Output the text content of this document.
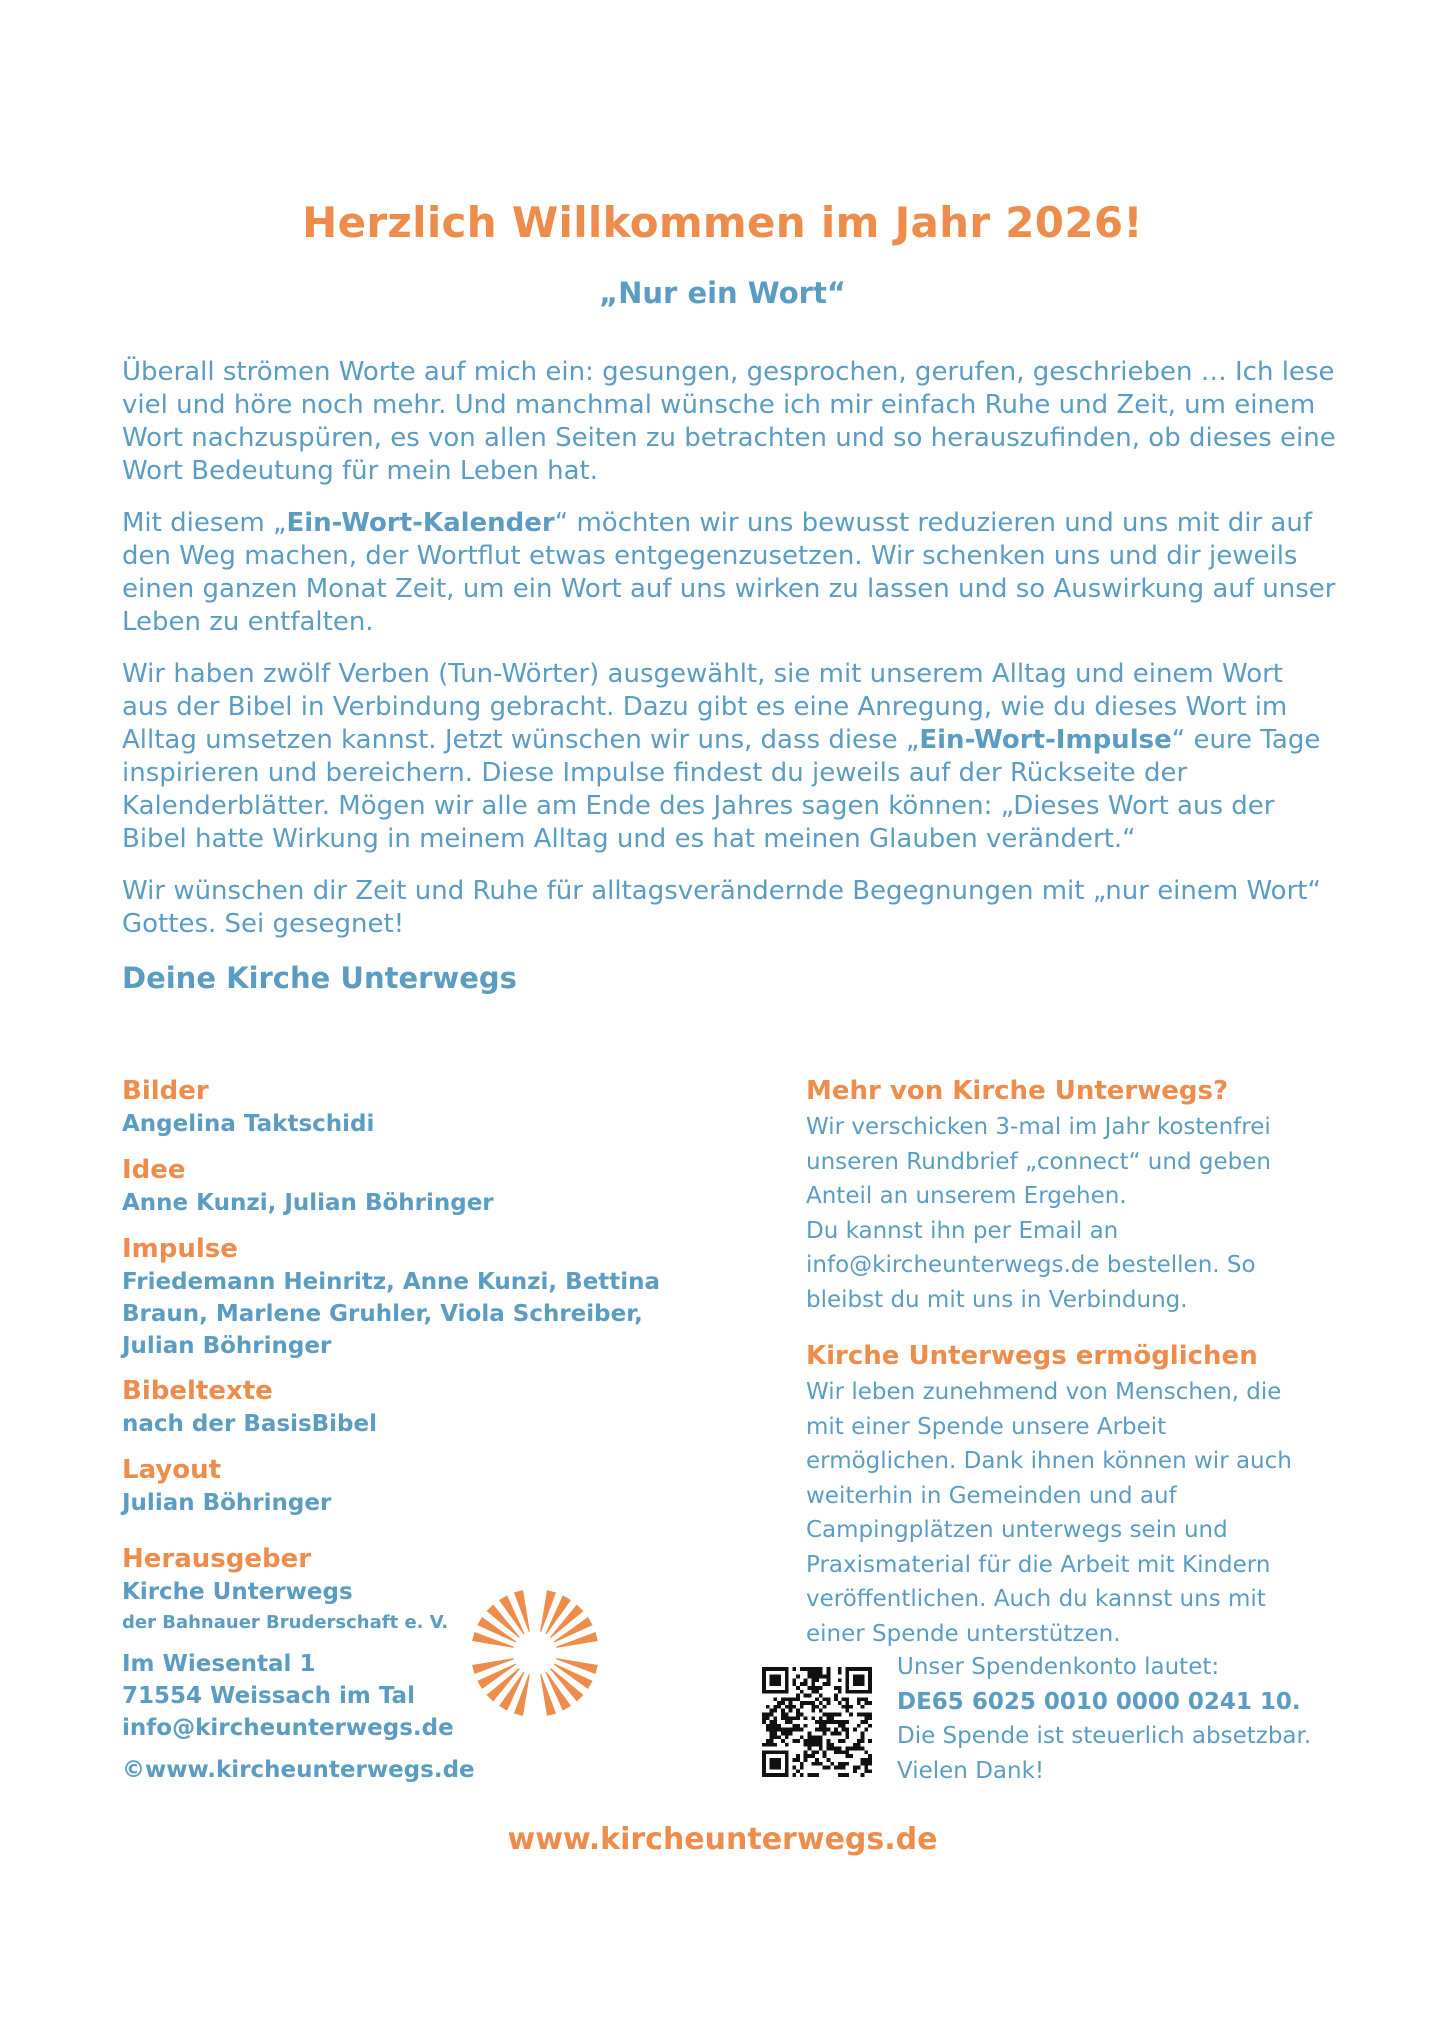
Herzlich Willkommen im Jahr 2026!
„Nur ein Wort“

Überall strömen Worte auf mich ein: gesungen, gesprochen, gerufen, geschrieben … Ich lese viel und höre noch mehr. Und manchmal wünsche ich mir einfach Ruhe und Zeit, um einem Wort nachzuspüren, es von allen Seiten zu betrachten und so herauszufinden, ob dieses eine Wort Bedeutung für mein Leben hat.

Mit diesem „Ein-Wort-Kalender“ möchten wir uns bewusst reduzieren und uns mit dir auf den Weg machen, der Wortflut etwas entgegenzusetzen. Wir schenken uns und dir jeweils einen ganzen Monat Zeit, um ein Wort auf uns wirken zu lassen und so Auswirkung auf unser Leben zu entfalten.

Wir haben zwölf Verben (Tun-Wörter) ausgewählt, sie mit unserem Alltag und einem Wort aus der Bibel in Verbindung gebracht. Dazu gibt es eine Anregung, wie du dieses Wort im Alltag umsetzen kannst. Jetzt wünschen wir uns, dass diese „Ein-Wort-Impulse“ eure Tage inspirieren und bereichern. Diese Impulse findest du jeweils auf der Rückseite der Kalenderblätter. Mögen wir alle am Ende des Jahres sagen können: „Dieses Wort aus der Bibel hatte Wirkung in meinem Alltag und es hat meinen Glauben verändert.“

Wir wünschen dir Zeit und Ruhe für alltagsverändernde Begegnungen mit „nur einem Wort“ Gottes. Sei gesegnet!

Deine Kirche Unterwegs
Bilder
Angelina Taktschidi
Idee
Anne Kunzi, Julian Böhringer
Impulse
Friedemann Heinritz, Anne Kunzi, Bettina
Braun, Marlene Gruhler, Viola Schreiber,
Julian Böhringer
Bibeltexte
nach der BasisBibel
Layout
Julian Böhringer
Herausgeber
Kirche Unterwegs
der Bahnauer Bruderschaft e. V.
Im Wiesental 1
71554 Weissach im Tal
info@kircheunterwegs.de
©www.kircheunterwegs.de
Mehr von Kirche Unterwegs?
Wir verschicken 3-mal im Jahr kostenfrei
unseren Rundbrief „connect“ und geben
Anteil an unserem Ergehen.
Du kannst ihn per Email an
info@kircheunterwegs.de bestellen. So
bleibst du mit uns in Verbindung.
Kirche Unterwegs ermöglichen
Wir leben zunehmend von Menschen, die
mit einer Spende unsere Arbeit
ermöglichen. Dank ihnen können wir auch
weiterhin in Gemeinden und auf
Campingplätzen unterwegs sein und
Praxismaterial für die Arbeit mit Kindern
veröffentlichen. Auch du kannst uns mit
einer Spende unterstützen.
Unser Spendenkonto lautet:
DE65 6025 0010 0000 0241 10.
Die Spende ist steuerlich absetzbar.
Vielen Dank!
www.kircheunterwegs.de
